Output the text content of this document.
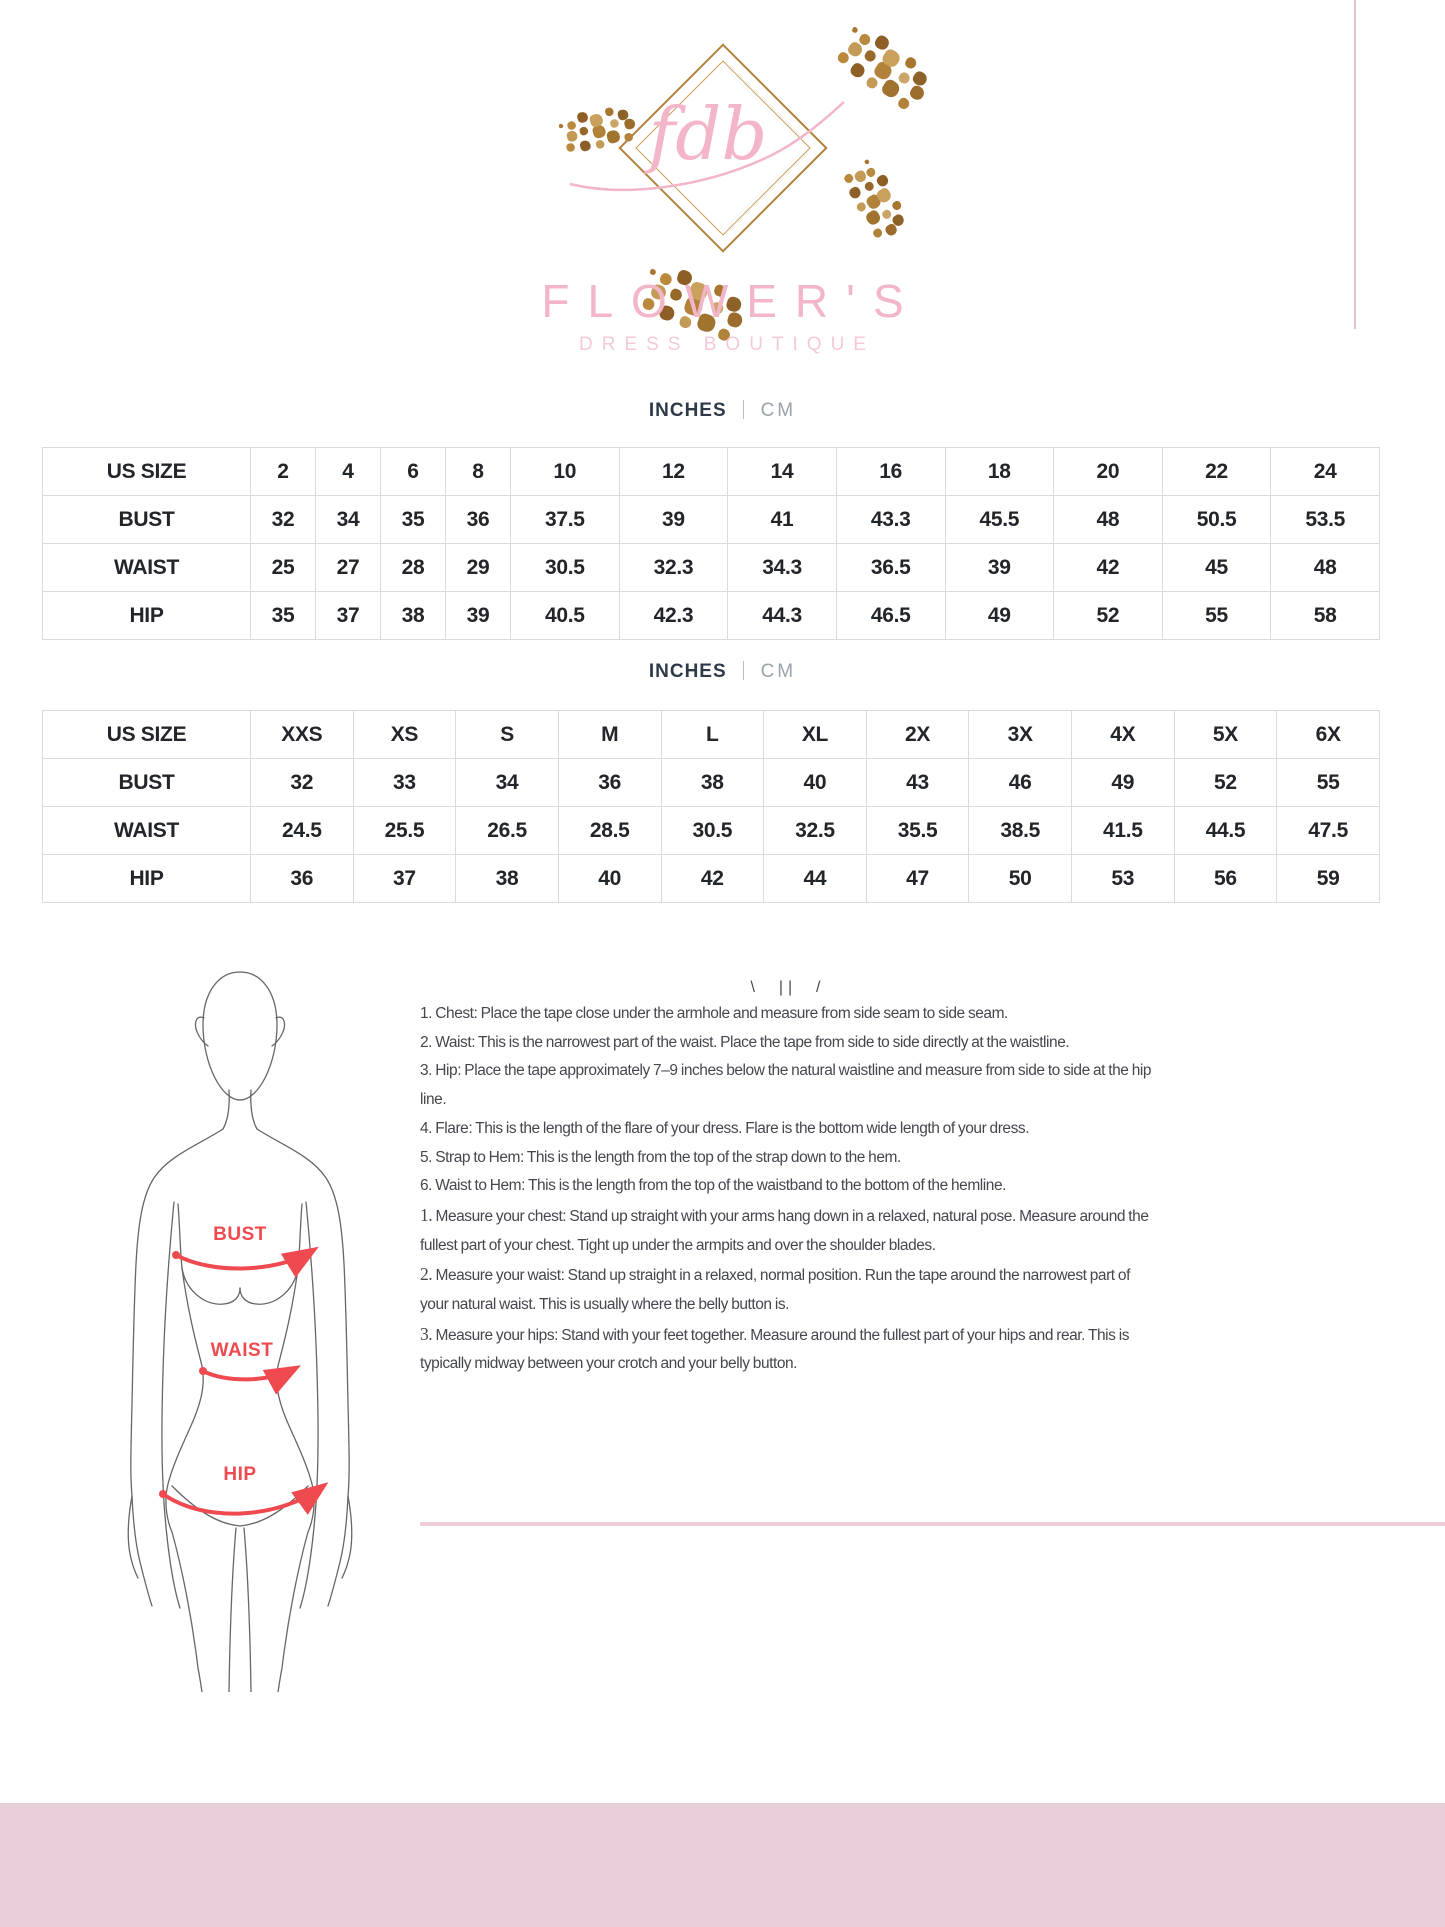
fdb
FLOWER'S
DRESS BOUTIQUE
INCHES CM
US SIZE	2	4	6	8	10	12	14	16	18	20	22	24
BUST	32	34	35	36	37.5	39	41	43.3	45.5	48	50.5	53.5
WAIST	25	27	28	29	30.5	32.3	34.3	36.5	39	42	45	48
HIP	35	37	38	39	40.5	42.3	44.3	46.5	49	52	55	58
INCHES CM
US SIZE	XXS	XS	S	M	L	XL	2X	3X	4X	5X	6X
BUST	32	33	34	36	38	40	43	46	49	52	55
WAIST	24.5	25.5	26.5	28.5	30.5	32.5	35.5	38.5	41.5	44.5	47.5
HIP	36	37	38	40	42	44	47	50	53	56	59
BUST
WAIST
HIP
\  ||  /

1. Chest: Place the tape close under the armhole and measure from side seam to side seam.

2. Waist: This is the narrowest part of the waist. Place the tape from side to side directly at the waistline.

3. Hip: Place the tape approximately 7–9 inches below the natural waistline and measure from side to side at the hip line.

4. Flare: This is the length of the flare of your dress. Flare is the bottom wide length of your dress.

5. Strap to Hem: This is the length from the top of the strap down to the hem.

6. Waist to Hem: This is the length from the top of the waistband to the bottom of the hemline.

1. Measure your chest: Stand up straight with your arms hang down in a relaxed, natural pose. Measure around the fullest part of your chest. Tight up under the armpits and over the shoulder blades.

2. Measure your waist: Stand up straight in a relaxed, normal position. Run the tape around the narrowest part of your natural waist. This is usually where the belly button is.

3. Measure your hips: Stand with your feet together. Measure around the fullest part of your hips and rear. This is typically midway between your crotch and your belly button.
